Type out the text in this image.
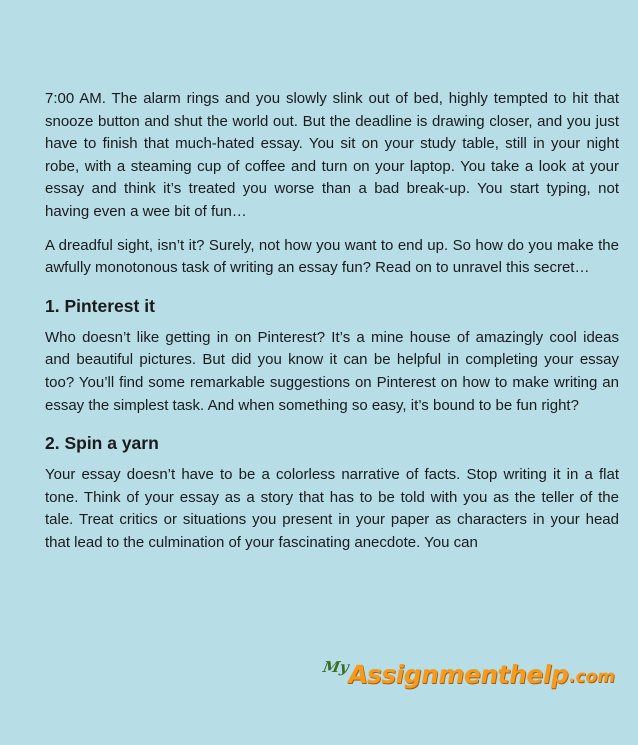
7:00 AM. The alarm rings and you slowly slink out of bed, highly tempted to hit that snooze button and shut the world out. But the deadline is drawing closer, and you just have to finish that much-hated essay. You sit on your study table, still in your night robe, with a steaming cup of coffee and turn on your laptop. You take a look at your essay and think it’s treated you worse than a bad break-up. You start typing, not having even a wee bit of fun…

A dreadful sight, isn’t it? Surely, not how you want to end up. So how do you make the awfully monotonous task of writing an essay fun? Read on to unravel this secret…

1. Pinterest it

Who doesn’t like getting in on Pinterest? It’s a mine house of amazingly cool ideas and beautiful pictures. But did you know it can be helpful in completing your essay too? You’ll find some remarkable suggestions on Pinterest on how to make writing an essay the simplest task. And when something so easy, it’s bound to be fun right?

2. Spin a yarn

Your essay doesn’t have to be a colorless narrative of facts. Stop writing it in a flat tone. Think of your essay as a story that has to be told with you as the teller of the tale. Treat critics or situations you present in your paper as characters in your head that lead to the culmination of your fascinating anecdote. You can

My
Assignmenthelp
.com
